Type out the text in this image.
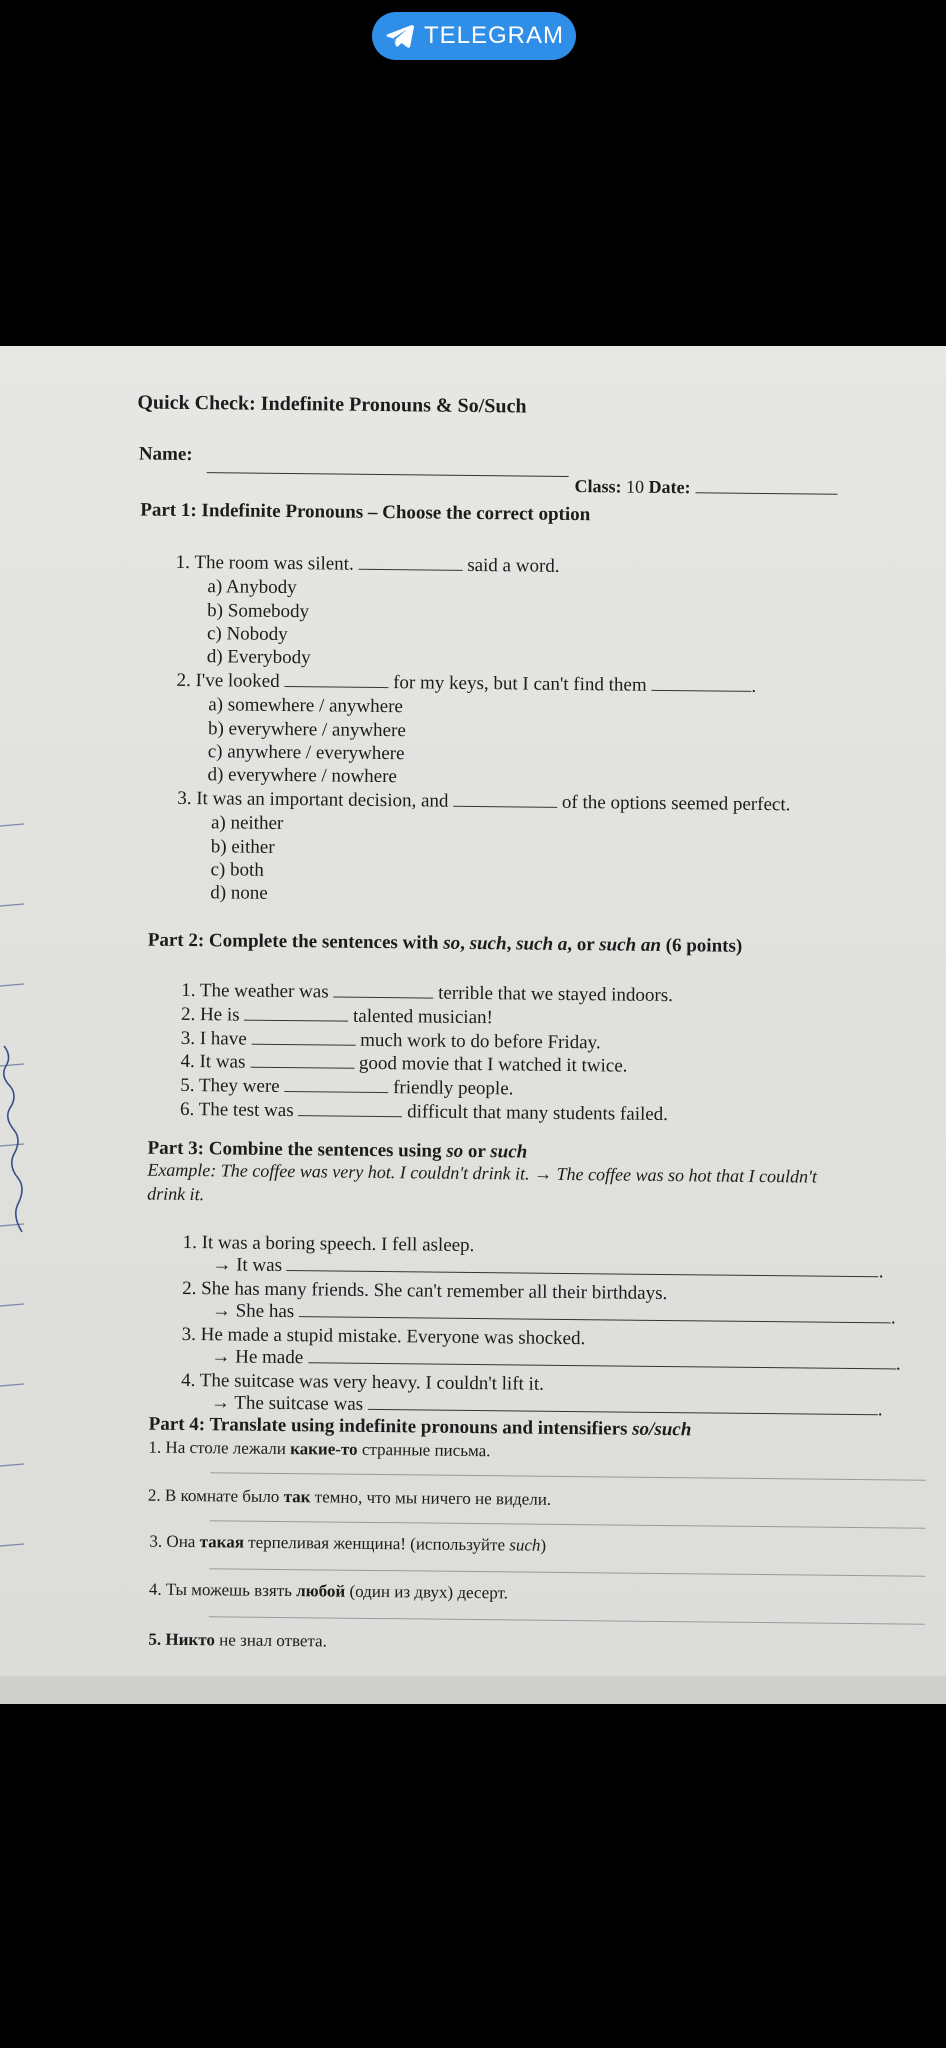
TELEGRAM
Quick Check: Indefinite Pronouns & So/Such
Name:
Class: 10 Date:
Part 1: Indefinite Pronouns – Choose the correct option
1. The room was silent.	said a word.
a) Anybody
b) Somebody
c) Nobody
d) Everybody
2. I've looked	for my keys, but I can't find them	.
a) somewhere / anywhere
b) everywhere / anywhere
c) anywhere / everywhere
d) everywhere / nowhere
3. It was an important decision, and	of the options seemed perfect.
a) neither
b) either
c) both
d) none
Part 2: Complete the sentences with so, such, such a, or such an (6 points)
1. The weather was	terrible that we stayed indoors.
2. He is	talented musician!
3. I have	much work to do before Friday.
4. It was	good movie that I watched it twice.
5. They were	friendly people.
6. The test was	difficult that many students failed.
Part 3: Combine the sentences using so or such
Example: The coffee was very hot. I couldn't drink it. → The coffee was so hot that I couldn't
drink it.
1. It was a boring speech. I fell asleep.
→ It was	.
2. She has many friends. She can't remember all their birthdays.
→ She has	.
3. He made a stupid mistake. Everyone was shocked.
→ He made	.
4. The suitcase was very heavy. I couldn't lift it.
→ The suitcase was	.
Part 4: Translate using indefinite pronouns and intensifiers so/such
1. На столе лежали какие-то странные письма.
2. В комнате было так темно, что мы ничего не видели.
3. Она такая терпеливая женщина! (используйте such)
4. Ты можешь взять любой (один из двух) десерт.
5. Никто не знал ответа.
